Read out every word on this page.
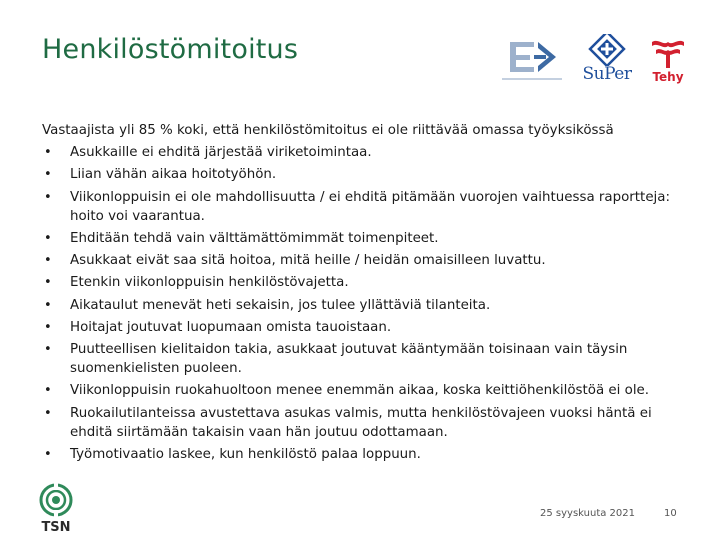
Henkilöstömitoitus
SuPer Tehy
Vastaajista yli 85 % koki, että henkilöstömitoitus ei ole riittävää omassa työyksikössä
• Asukkaille ei ehditä järjestää viriketoimintaa.
• Liian vähän aikaa hoitotyöhön.
• Viikonloppuisin ei ole mahdollisuutta / ei ehditä pitämään vuorojen vaihtuessa raportteja: hoito voi vaarantua.
• Ehditään tehdä vain välttämättömimmät toimenpiteet.
• Asukkaat eivät saa sitä hoitoa, mitä heille / heidän omaisilleen luvattu.
• Etenkin viikonloppuisin henkilöstövajetta.
• Aikataulut menevät heti sekaisin, jos tulee yllättäviä tilanteita.
• Hoitajat joutuvat luopumaan omista tauoistaan.
• Puutteellisen kielitaidon takia, asukkaat joutuvat kääntymään toisinaan vain täysin suomenkielisten puoleen.
• Viikonloppuisin ruokahuoltoon menee enemmän aikaa, koska keittiöhenkilöstöä ei ole.
• Ruokailutilanteissa avustettava asukas valmis, mutta henkilöstövajeen vuoksi häntä ei ehditä siirtämään takaisin vaan hän joutuu odottamaan.
• Työmotivaatio laskee, kun henkilöstö palaa loppuun.
TSN
25 syyskuuta 2021	10
